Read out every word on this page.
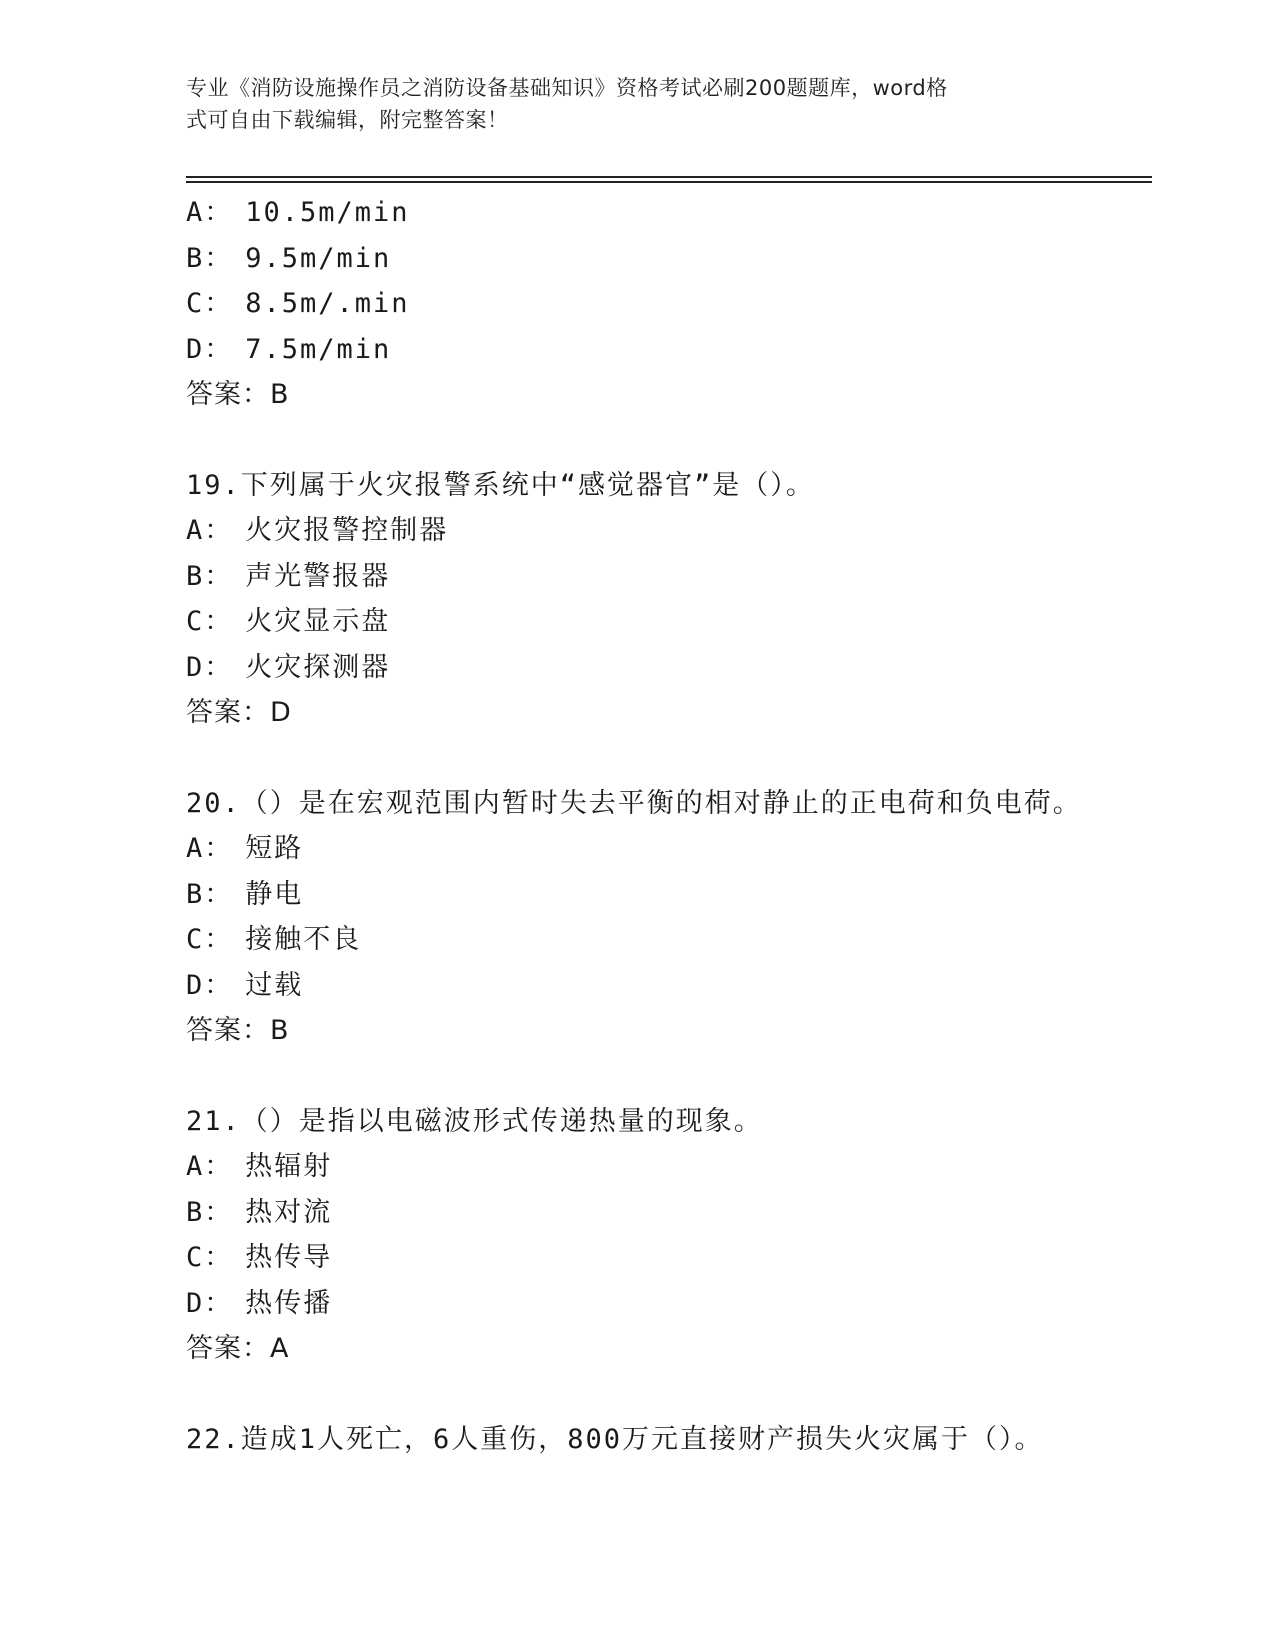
专业《消防设施操作员之消防设备基础知识》资格考试必刷200题题库，word格
式可自由下载编辑，附完整答案！
A： 10.5m/min
B： 9.5m/min
C： 8.5m/.min
D： 7.5m/min
答案：B
19.下列属于火灾报警系统中“感觉器官”是（）。
A： 火灾报警控制器
B： 声光警报器
C： 火灾显示盘
D： 火灾探测器
答案：D
20.（）是在宏观范围内暂时失去平衡的相对静止的正电荷和负电荷。
A： 短路
B： 静电
C： 接触不良
D： 过载
答案：B
21.（）是指以电磁波形式传递热量的现象。
A： 热辐射
B： 热对流
C： 热传导
D： 热传播
答案：A
22.造成1人死亡，6人重伤，800万元直接财产损失火灾属于（）。
